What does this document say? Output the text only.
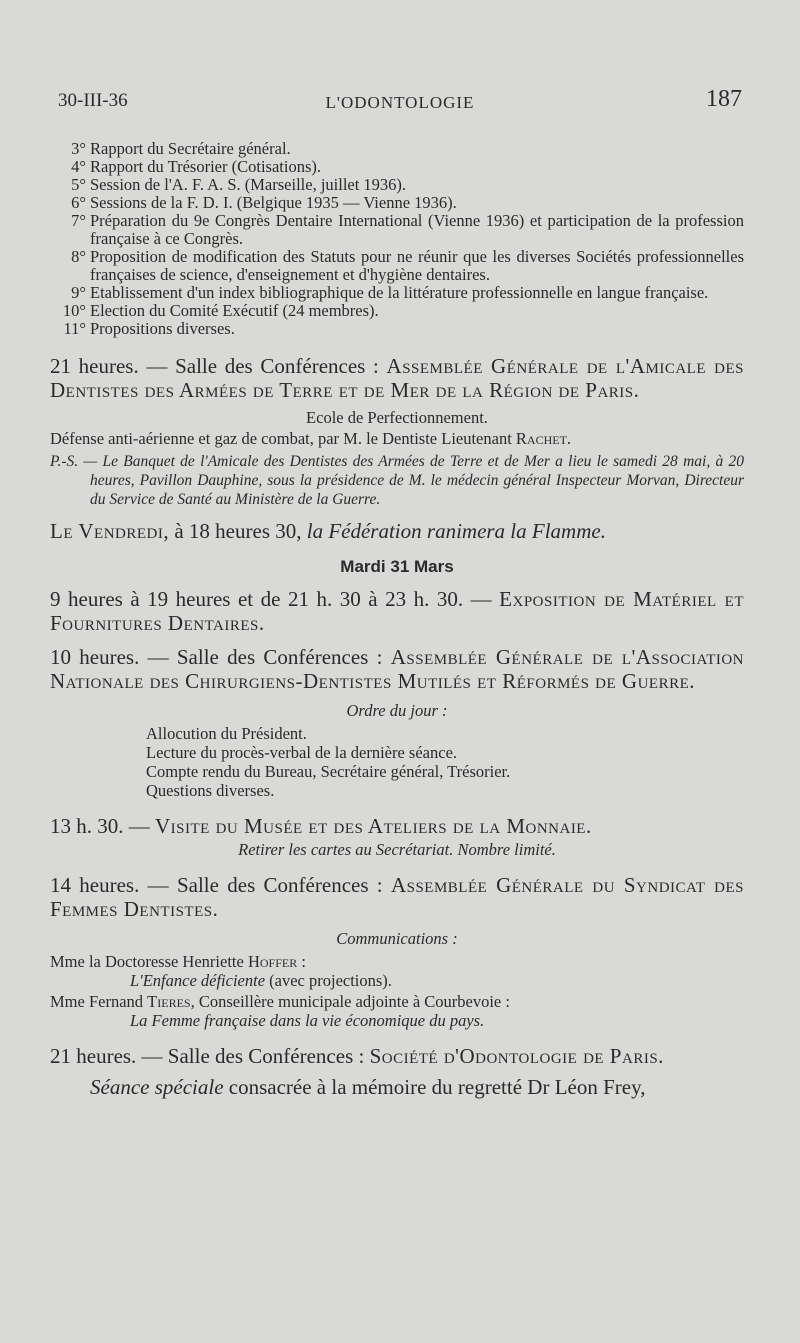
30-III-36	L'ODONTOLOGIE	187
3° Rapport du Secrétaire général.
4° Rapport du Trésorier (Cotisations).
5° Session de l'A. F. A. S. (Marseille, juillet 1936).
6° Sessions de la F. D. I. (Belgique 1935 — Vienne 1936).
7° Préparation du 9e Congrès Dentaire International (Vienne 1936) et participation de la profession française à ce Congrès.
8° Proposition de modification des Statuts pour ne réunir que les diverses Sociétés professionnelles françaises de science, d'enseignement et d'hygiène dentaires.
9° Etablissement d'un index bibliographique de la littérature professionnelle en langue française.
10° Election du Comité Exécutif (24 membres).
11° Propositions diverses.
21 heures. — Salle des Conférences : Assemblée Générale de l'Amicale des Dentistes des Armées de Terre et de Mer de la Région de Paris.
Ecole de Perfectionnement.
Défense anti-aérienne et gaz de combat, par M. le Dentiste Lieutenant Rachet.
P.-S. — Le Banquet de l'Amicale des Dentistes des Armées de Terre et de Mer a lieu le samedi 28 mai, à 20 heures, Pavillon Dauphine, sous la présidence de M. le médecin général Inspecteur Morvan, Directeur du Service de Santé au Ministère de la Guerre.
Le Vendredi, à 18 heures 30, la Fédération ranimera la Flamme.
Mardi 31 Mars
9 heures à 19 heures et de 21 h. 30 à 23 h. 30. — Exposition de Matériel et Fournitures Dentaires.
10 heures. — Salle des Conférences : Assemblée Générale de l'Association Nationale des Chirurgiens-Dentistes Mutilés et Réformés de Guerre.
Ordre du jour :
Allocution du Président.
Lecture du procès-verbal de la dernière séance.
Compte rendu du Bureau, Secrétaire général, Trésorier.
Questions diverses.
13 h. 30. — Visite du Musée et des Ateliers de la Monnaie.
Retirer les cartes au Secrétariat. Nombre limité.
14 heures. — Salle des Conférences : Assemblée Générale du Syndicat des Femmes Dentistes.
Communications :
Mme la Doctoresse Henriette Hoffer :
L'Enfance déficiente (avec projections).
Mme Fernand Tieres, Conseillère municipale adjointe à Courbevoie :
La Femme française dans la vie économique du pays.
21 heures. — Salle des Conférences : Société d'Odontologie de Paris.
Séance spéciale consacrée à la mémoire du regretté Dr Léon Frey,
